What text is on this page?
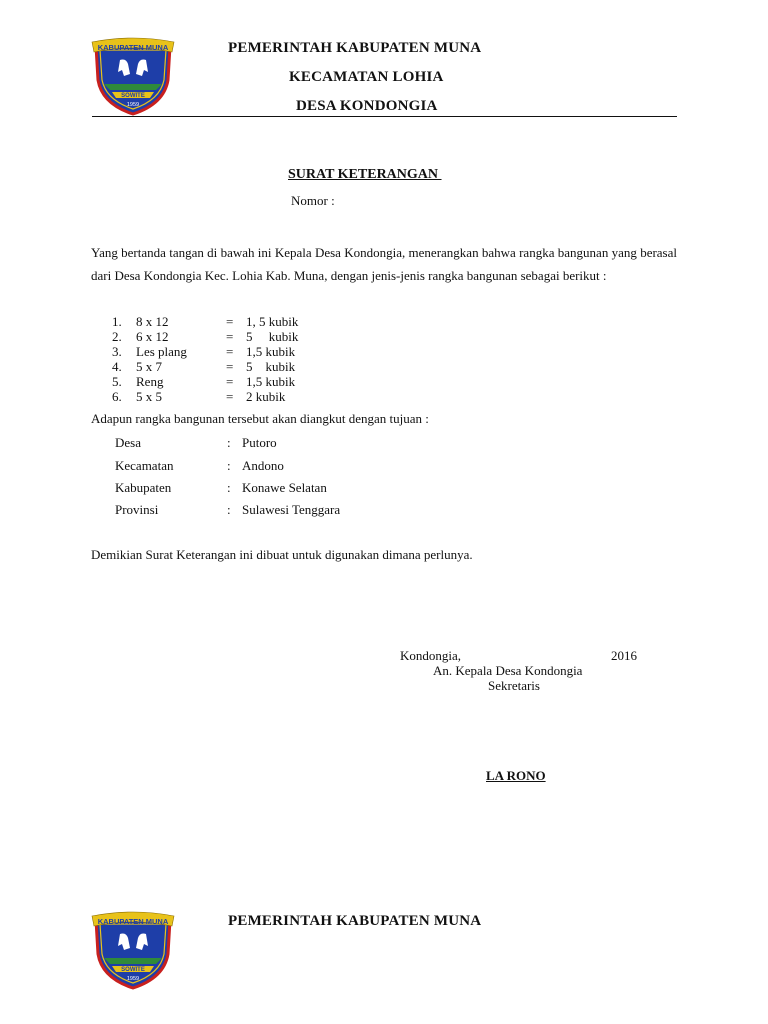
KABUPATEN MUNA
SOWITE
1959
PEMERINTAH KABUPATEN MUNA
KECAMATAN LOHIA
DESA KONDONGIA
SURAT KETERANGAN
Nomor :
Yang bertanda tangan di bawah ini Kepala Desa Kondongia, menerangkan bahwa rangka bangunan yang berasal dari Desa Kondongia Kec. Lohia Kab. Muna, dengan jenis-jenis rangka bangunan sebagai berikut :
1. 8 x 12	= 1, 5 kubik
2. 6 x 12	= 5     kubik
3. Les plang	= 1,5 kubik
4. 5 x 7	= 5    kubik
5. Reng	= 1,5 kubik
6. 5 x 5	= 2 kubik
Adapun rangka bangunan tersebut akan diangkut dengan tujuan :
Desa	: Putoro
Kecamatan	: Andono
Kabupaten	: Konawe Selatan
Provinsi	: Sulawesi Tenggara
Demikian Surat Keterangan ini dibuat untuk digunakan dimana perlunya.
Kondongia,	2016
An. Kepala Desa Kondongia
Sekretaris
LA RONO
KABUPATEN MUNA
SOWITE
1959
PEMERINTAH KABUPATEN MUNA
